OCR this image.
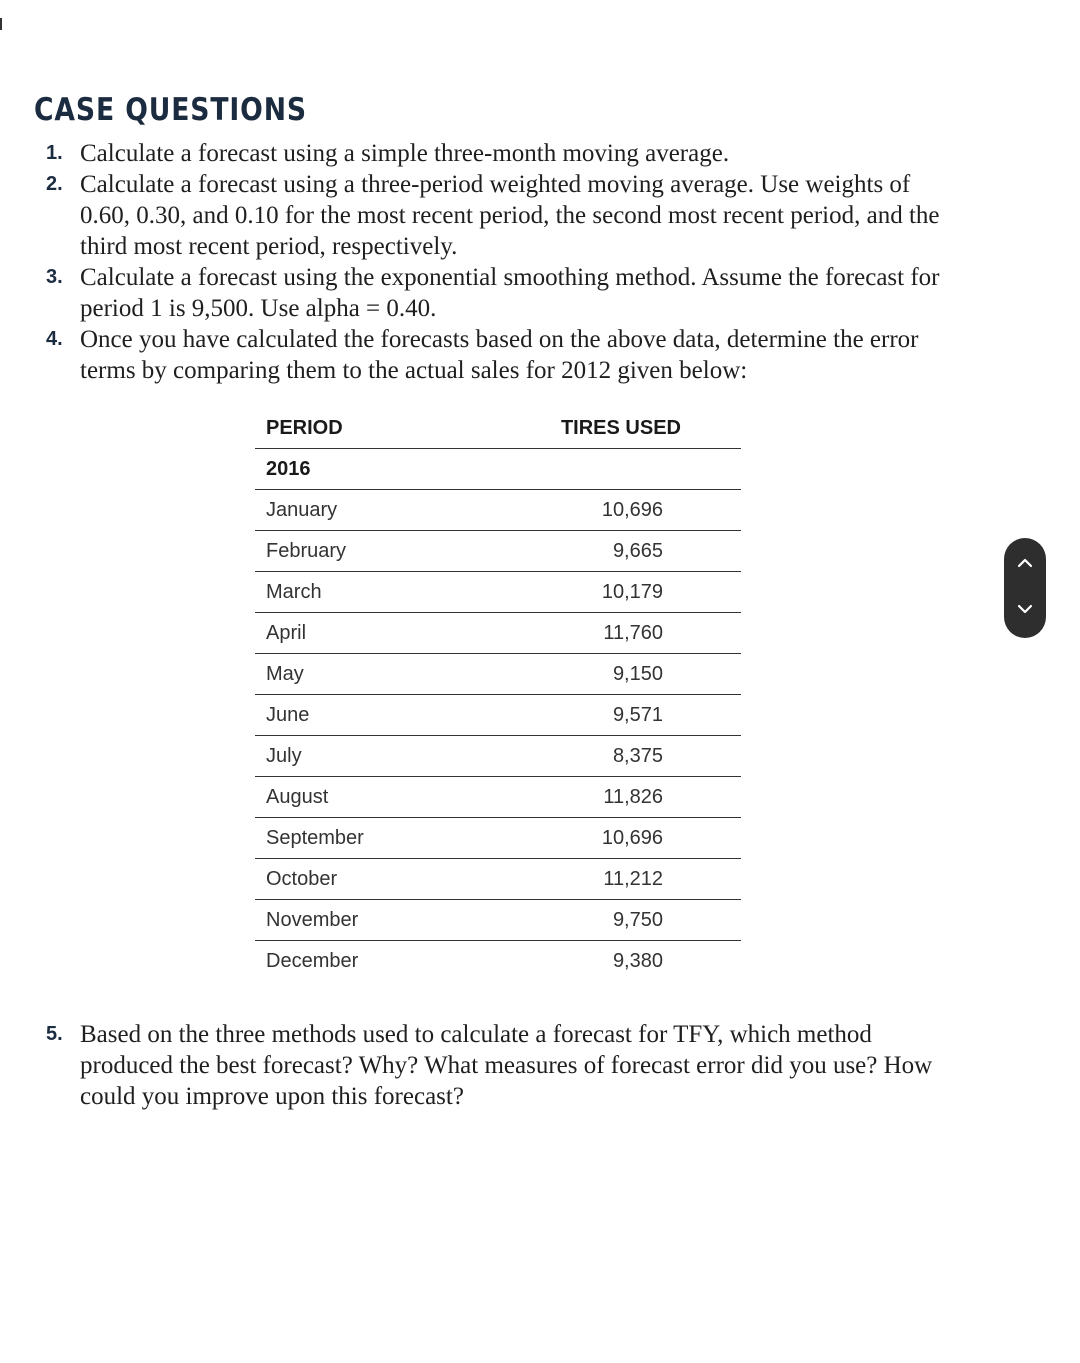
CASE QUESTIONS
1. Calculate a forecast using a simple three-month moving average.
2. Calculate a forecast using a three-period weighted moving average. Use weights of 0.60, 0.30, and 0.10 for the most recent period, the second most recent period, and the third most recent period, respectively.
3. Calculate a forecast using the exponential smoothing method. Assume the forecast for period 1 is 9,500. Use alpha = 0.40.
4. Once you have calculated the forecasts based on the above data, determine the error terms by comparing them to the actual sales for 2012 given below:
PERIOD	TIRES USED
2016	
January	10,696
February	9,665
March	10,179
April	11,760
May	9,150
June	9,571
July	8,375
August	11,826
September	10,696
October	11,212
November	9,750
December	9,380
5. Based on the three methods used to calculate a forecast for TFY, which method produced the best forecast? Why? What measures of forecast error did you use? How could you improve upon this forecast?
